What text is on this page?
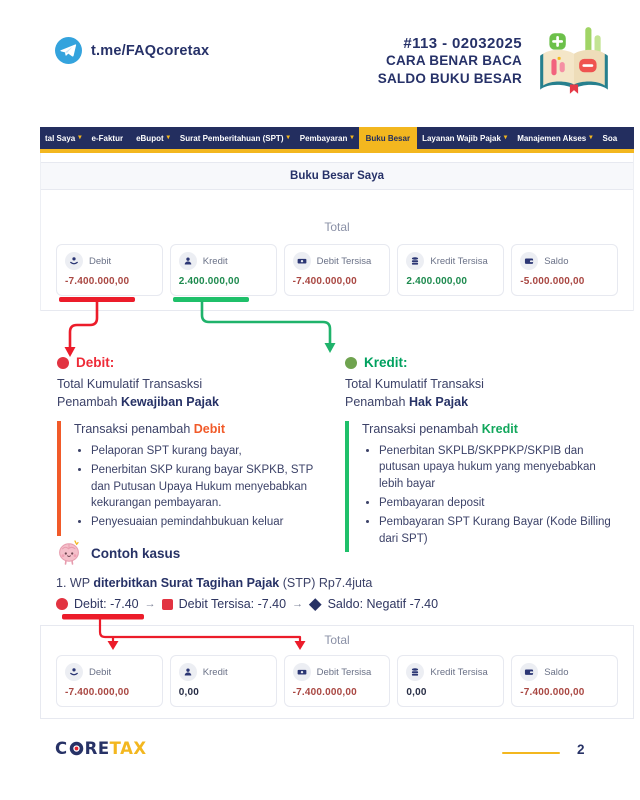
t.me/FAQcoretax	#113 - 02032025
CARA BENAR BACA
SALDO BUKU BESAR
tal Saya ▾ e-Faktur eBupot ▾ Surat Pemberitahuan (SPT) ▾ Pembayaran ▾ Buku Besar Layanan Wajib Pajak ▾ Manajemen Akses ▾ Soa
Buku Besar Saya
Total
Debit
-7.400.000,00
Kredit
2.400.000,00
Debit Tersisa
-7.400.000,00
Kredit Tersisa
2.400.000,00
Saldo
-5.000.000,00
Debit:
Total Kumulatif Transasksi
Penambah Kewajiban Pajak
Transaksi penambah Debit
• Pelaporan SPT kurang bayar,
• Penerbitan SKP kurang bayar SKPKB, STP dan Putusan Upaya Hukum menyebabkan kekurangan pembayaran.
• Penyesuaian pemindahbukuan keluar
Kredit:
Total Kumulatif Transaksi
Penambah Hak Pajak
Transaksi penambah Kredit
• Penerbitan SKPLB/SKPPKP/SKPIB dan putusan upaya hukum yang menyebabkan lebih bayar
• Pembayaran deposit
• Pembayaran SPT Kurang Bayar (Kode Billing dari SPT)
Contoh kasus
1. WP diterbitkan Surat Tagihan Pajak (STP) Rp7.4juta
Debit: -7.40 → Debit Tersisa: -7.40 → Saldo: Negatif -7.40
Total
Debit
-7.400.000,00
Kredit
0,00
Debit Tersisa
-7.400.000,00
Kredit Tersisa
0,00
Saldo
-7.400.000,00
C RE TAX	2
